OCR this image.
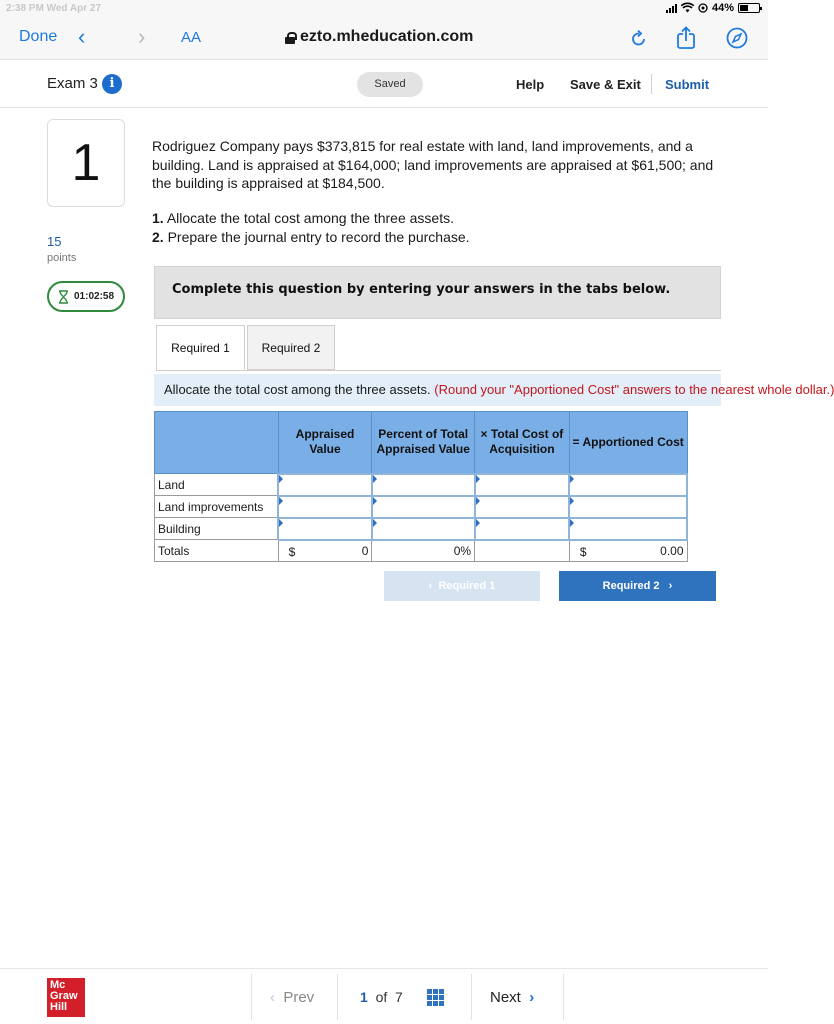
2:38 PM Wed Apr 27	44%
Done ‹ › AA	ezto.mheducation.com
Exam 3 i	Saved	Help Save & Exit Submit
1
15
points
01:02:58
Rodriguez Company pays $373,815 for real estate with land, land improvements, and a building. Land is appraised at $164,000; land improvements are appraised at $61,500; and the building is appraised at $184,500.
1. Allocate the total cost among the three assets.
2. Prepare the journal entry to record the purchase.
Complete this question by entering your answers in the tabs below.
Required 1	Required 2
Allocate the total cost among the three assets. (Round your "Apportioned Cost" answers to the nearest whole dollar.)
	Appraised Value	Percent of Total Appraised Value	× Total Cost of Acquisition	= Apportioned Cost
Land				
Land improvements				
Building				
Totals	$ 0	0%		$ 0.00
‹ Required 1	Required 2 ›
Mc
Graw
Hill
‹ Prev	1 of 7	Next ›
